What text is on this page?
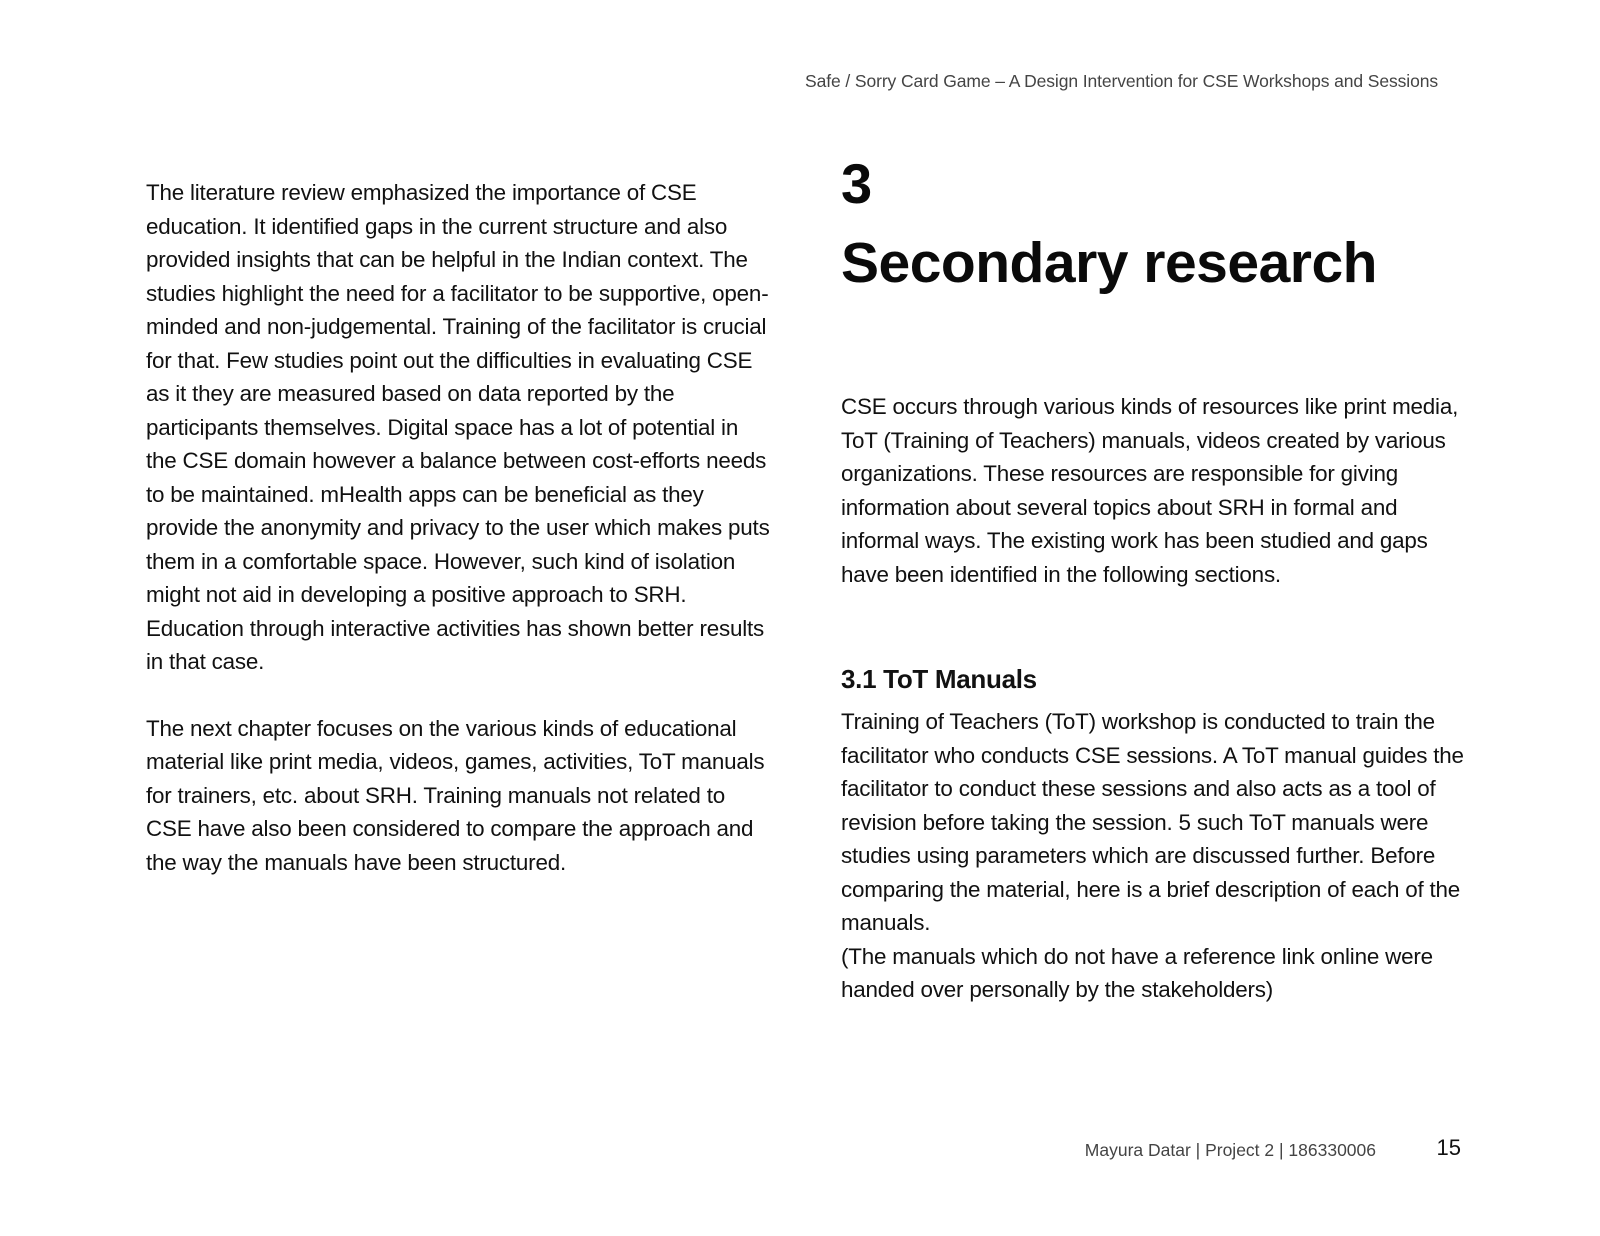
Safe / Sorry Card Game – A Design Intervention for CSE Workshops and Sessions

The literature review emphasized the importance of CSE education. It identified gaps in the current structure and also provided insights that can be helpful in the Indian context. The studies highlight the need for a facilitator to be supportive, open-minded and non-judgemental. Training of the facilitator is crucial for that. Few studies point out the difficulties in evaluating CSE as it they are measured based on data reported by the participants themselves. Digital space has a lot of potential in the CSE domain however a balance between cost-efforts needs to be maintained. mHealth apps can be beneficial as they provide the anonymity and privacy to the user which makes puts them in a comfortable space. However, such kind of isolation might not aid in developing a positive approach to SRH. Education through interactive activities has shown better results in that case.

The next chapter focuses on the various kinds of educational material like print media, videos, games, activities, ToT manuals for trainers, etc. about SRH. Training manuals not related to CSE have also been considered to compare the approach and the way the manuals have been structured.

3
Secondary research

CSE occurs through various kinds of resources like print media, ToT (Training of Teachers) manuals, videos created by various organizations. These resources are responsible for giving information about several topics about SRH in formal and informal ways. The existing work has been studied and gaps have been identified in the following sections.

3.1 ToT Manuals

Training of Teachers (ToT) workshop is conducted to train the facilitator who conducts CSE sessions. A ToT manual guides the facilitator to conduct these sessions and also acts as a tool of revision before taking the session. 5 such ToT manuals were studies using parameters which are discussed further. Before comparing the material, here is a brief description of each of the manuals.
(The manuals which do not have a reference link online were handed over personally by the stakeholders)

Mayura Datar | Project 2 | 186330006	15
